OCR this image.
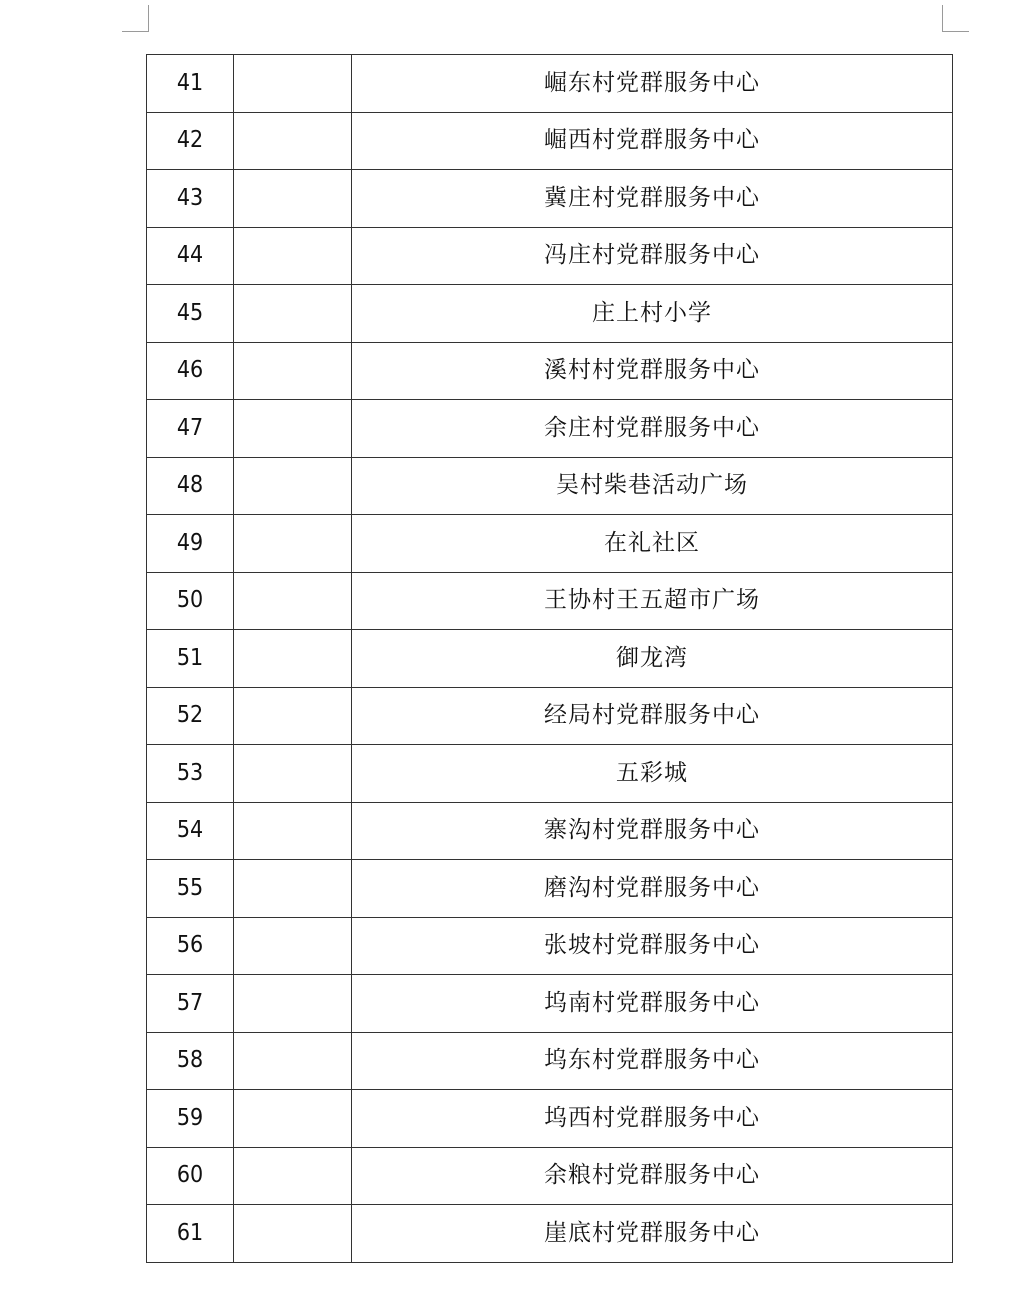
41		崛东村党群服务中心
42		崛西村党群服务中心
43		冀庄村党群服务中心
44		冯庄村党群服务中心
45		庄上村小学
46		溪村村党群服务中心
47		余庄村党群服务中心
48		吴村柴巷活动广场
49		在礼社区
50		王协村王五超市广场
51		御龙湾
52		经局村党群服务中心
53		五彩城
54		寨沟村党群服务中心
55		磨沟村党群服务中心
56		张坡村党群服务中心
57		坞南村党群服务中心
58		坞东村党群服务中心
59		坞西村党群服务中心
60		余粮村党群服务中心
61		崖底村党群服务中心
